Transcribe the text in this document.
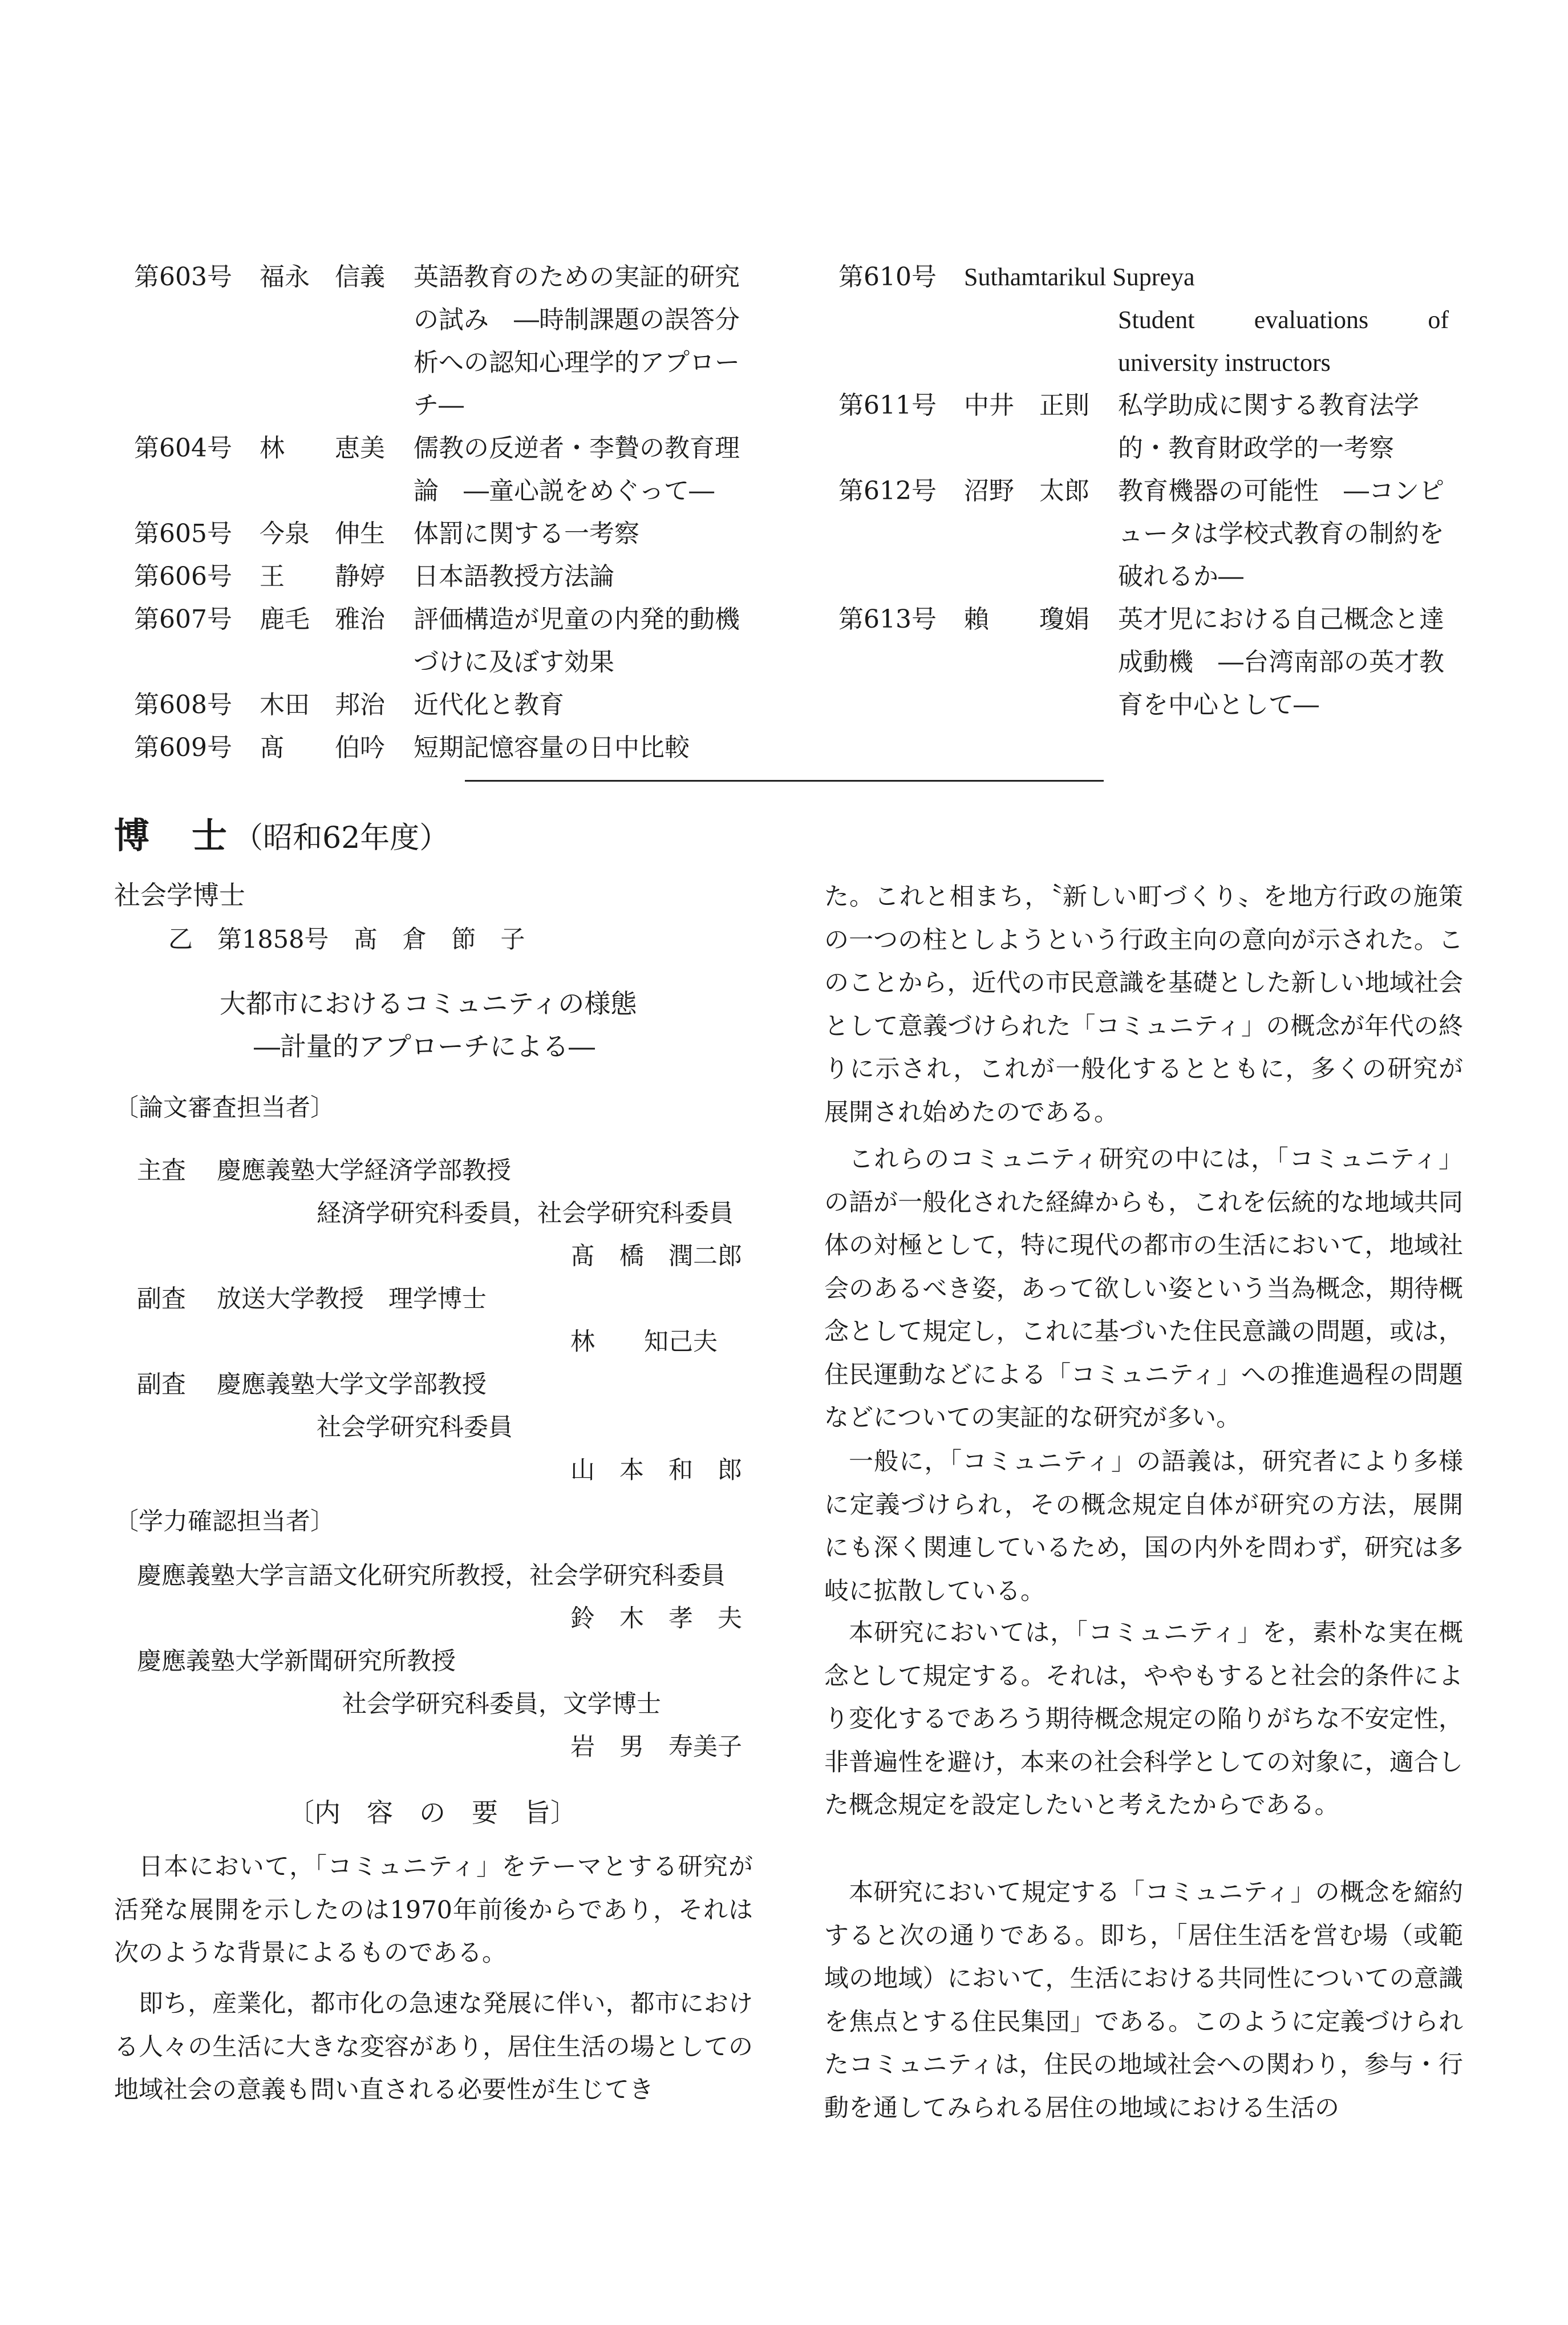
第603号 福永　信義 英語教育のための実証的研究の試み　―時制課題の誤答分析への認知心理学的アプローチ―
第604号 林　　恵美 儒教の反逆者・李贄の教育理論　―童心説をめぐって―
第605号 今泉　伸生 体罰に関する一考察
第606号 王　　静婷 日本語教授方法論
第607号 鹿毛　雅治 評価構造が児童の内発的動機づけに及ぼす効果
第608号 木田　邦治 近代化と教育
第609号 髙　　伯吟 短期記憶容量の日中比較
第610号 Suthamtarikul Supreya
Student evaluations of university instructors
第611号 中井　正則 私学助成に関する教育法学的・教育財政学的一考察
第612号 沼野　太郎 教育機器の可能性　―コンピュータは学校式教育の制約を破れるか―
第613号 賴　　瓊娟 英才児における自己概念と達成動機　―台湾南部の英才教育を中心として―
博　士 （昭和62年度）
社会学博士
乙　第1858号　髙　倉　節　子
大都市におけるコミュニティの様態
―計量的アプローチによる―
〔論文審査担当者〕
主査 慶應義塾大学経済学部教授
経済学研究科委員，社会学研究科委員
髙　橋　潤二郎
副査 放送大学教授　理学博士
林　　知己夫
副査 慶應義塾大学文学部教授
社会学研究科委員
山　本　和　郎
〔学力確認担当者〕
慶應義塾大学言語文化研究所教授，社会学研究科委員
鈴　木　孝　夫
慶應義塾大学新聞研究所教授
社会学研究科委員，文学博士
岩　男　寿美子
〔内　容　の　要　旨〕

日本において，「コミュニティ」をテーマとする研究が活発な展開を示したのは1970年前後からであり，それは次のような背景によるものである。

即ち，産業化，都市化の急速な発展に伴い，都市における人々の生活に大きな変容があり，居住生活の場としての地域社会の意義も問い直される必要性が生じてき

た。これと相まち，〝新しい町づくり〟を地方行政の施策の一つの柱としようという行政主向の意向が示された。このことから，近代の市民意識を基礎とした新しい地域社会として意義づけられた「コミュニティ」の概念が年代の終りに示され，これが一般化するとともに，多くの研究が展開され始めたのである。

これらのコミュニティ研究の中には，「コミュニティ」の語が一般化された経緯からも，これを伝統的な地域共同体の対極として，特に現代の都市の生活において，地域社会のあるべき姿，あって欲しい姿という当為概念，期待概念として規定し，これに基づいた住民意識の問題，或は，住民運動などによる「コミュニティ」への推進過程の問題などについての実証的な研究が多い。

一般に，「コミュニティ」の語義は，研究者により多様に定義づけられ，その概念規定自体が研究の方法，展開にも深く関連しているため，国の内外を問わず，研究は多岐に拡散している。

本研究においては，「コミュニティ」を，素朴な実在概念として規定する。それは，ややもすると社会的条件により変化するであろう期待概念規定の陥りがちな不安定性，非普遍性を避け，本来の社会科学としての対象に，適合した概念規定を設定したいと考えたからである。

本研究において規定する「コミュニティ」の概念を縮約すると次の通りである。即ち，「居住生活を営む場（或範域の地域）において，生活における共同性についての意識を焦点とする住民集団」である。このように定義づけられたコミュニティは，住民の地域社会への関わり，参与・行動を通してみられる居住の地域における生活の
